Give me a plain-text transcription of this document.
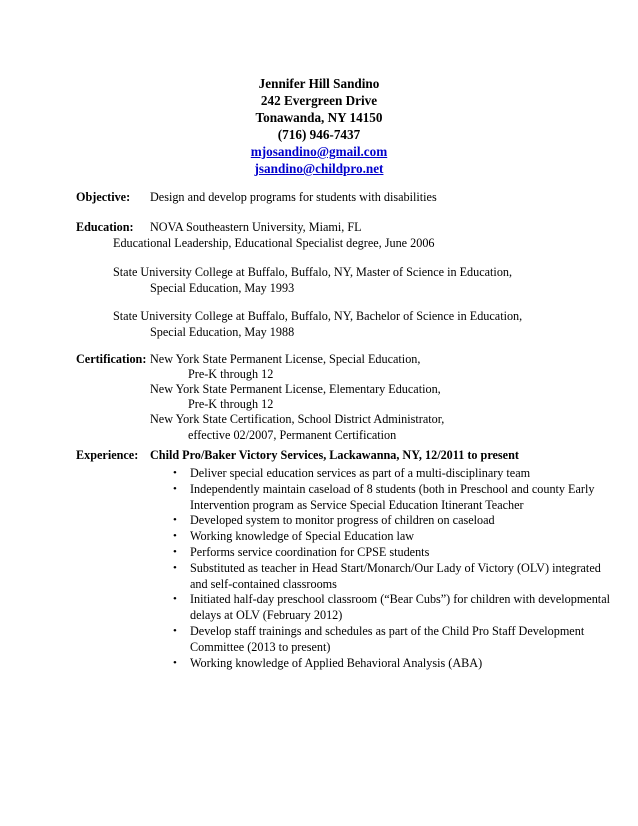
Jennifer Hill Sandino
242 Evergreen Drive
Tonawanda, NY 14150
(716) 946-7437
mjosandino@gmail.com
jsandino@childpro.net
Objective: Design and develop programs for students with disabilities
Education: NOVA Southeastern University, Miami, FL
Educational Leadership, Educational Specialist degree, June 2006
State University College at Buffalo, Buffalo, NY, Master of Science in Education,
Special Education, May 1993
State University College at Buffalo, Buffalo, NY, Bachelor of Science in Education,
Special Education, May 1988
Certification: New York State Permanent License, Special Education,
Pre-K through 12
New York State Permanent License, Elementary Education,
Pre-K through 12
New York State Certification, School District Administrator,
effective 02/2007, Permanent Certification
Experience: Child Pro/Baker Victory Services, Lackawanna, NY, 12/2011 to present
• Deliver special education services as part of a multi-disciplinary team
• Independently maintain caseload of 8 students (both in Preschool and county Early Intervention program as Service Special Education Itinerant Teacher
• Developed system to monitor progress of children on caseload
• Working knowledge of Special Education law
• Performs service coordination for CPSE students
• Substituted as teacher in Head Start/Monarch/Our Lady of Victory (OLV) integrated and self-contained classrooms
• Initiated half-day preschool classroom (“Bear Cubs”) for children with developmental delays at OLV (February 2012)
• Develop staff trainings and schedules as part of the Child Pro Staff Development Committee (2013 to present)
• Working knowledge of Applied Behavioral Analysis (ABA)
